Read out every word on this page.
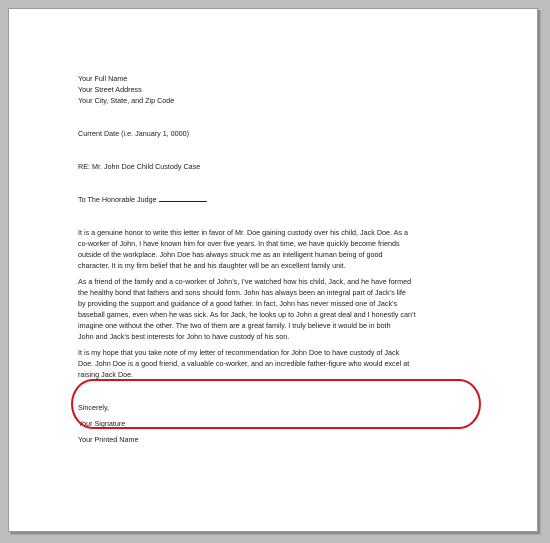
Your Full Name
Your Street Address
Your City, State, and Zip Code
Current Date (i.e. January 1, 0000)
RE: Mr. John Doe Child Custody Case
To The Honorable Judge
It is a genuine honor to write this letter in favor of Mr. Doe gaining custody over his child, Jack Doe. As a
co-worker of John, I have known him for over five years. In that time, we have quickly become friends
outside of the workplace. John Doe has always struck me as an intelligent human being of good
character. It is my firm belief that he and his daughter will be an excellent family unit.
As a friend of the family and a co-worker of John’s, I’ve watched how his child, Jack, and he have formed
the healthy bond that fathers and sons should form. John has always been an integral part of Jack’s life
by providing the support and guidance of a good father. In fact, John has never missed one of Jack’s
baseball games, even when he was sick. As for Jack, he looks up to John a great deal and I honestly can’t
imagine one without the other. The two of them are a great family. I truly believe it would be in both
John and Jack’s best interests for John to have custody of his son.
It is my hope that you take note of my letter of recommendation for John Doe to have custody of Jack
Doe. John Doe is a good friend, a valuable co-worker, and an incredible father-figure who would excel at
raising Jack Doe.
Sincerely,
Your Signature
Your Printed Name
